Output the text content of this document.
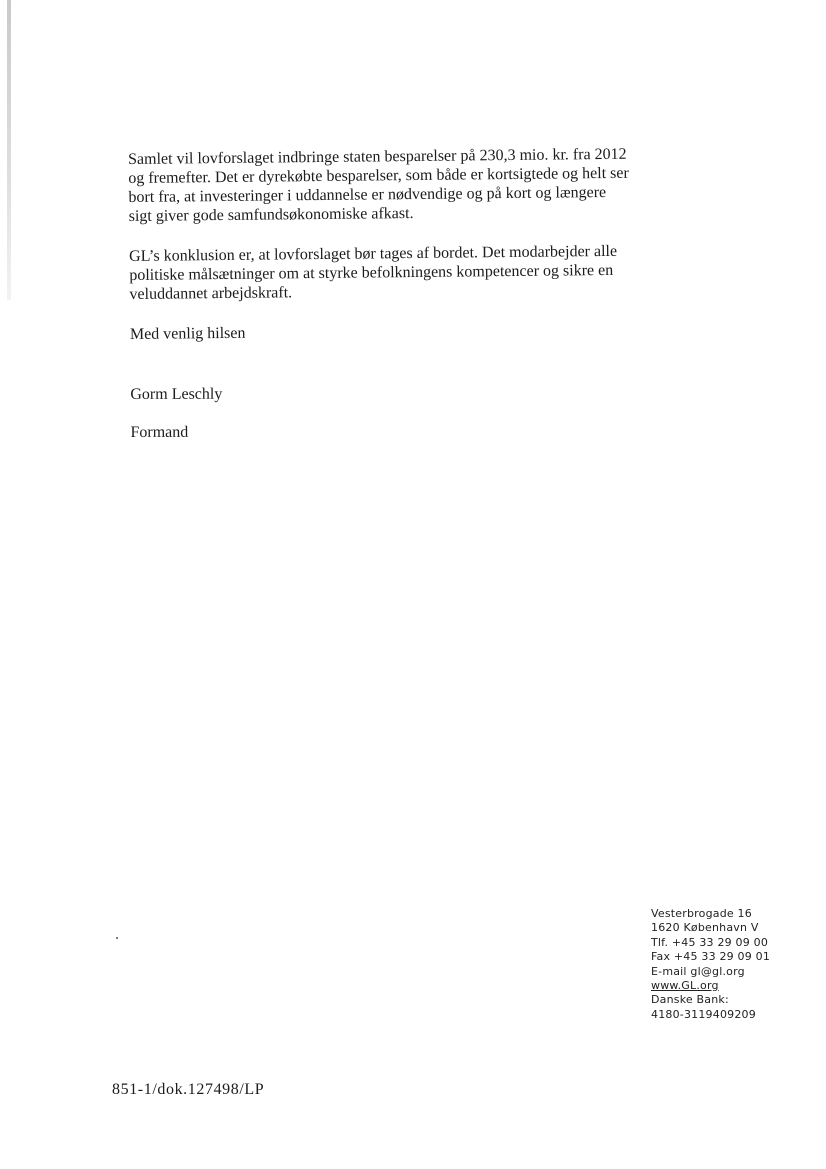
Samlet vil lovforslaget indbringe staten besparelser på 230,3 mio. kr. fra 2012
og fremefter. Det er dyrekøbte besparelser, som både er kortsigtede og helt ser
bort fra, at investeringer i uddannelse er nødvendige og på kort og længere
sigt giver gode samfundsøkonomiske afkast.

GL’s konklusion er, at lovforslaget bør tages af bordet. Det modarbejder alle
politiske målsætninger om at styrke befolkningens kompetencer og sikre en
veluddannet arbejdskraft.

Med venlig hilsen

Gorm Leschly

Formand

Vesterbrogade 16
1620 København V
Tlf. +45 33 29 09 00
Fax +45 33 29 09 01
E-mail gl@gl.org
www.GL.org
Danske Bank:
4180-3119409209
851-1/dok.127498/LP
